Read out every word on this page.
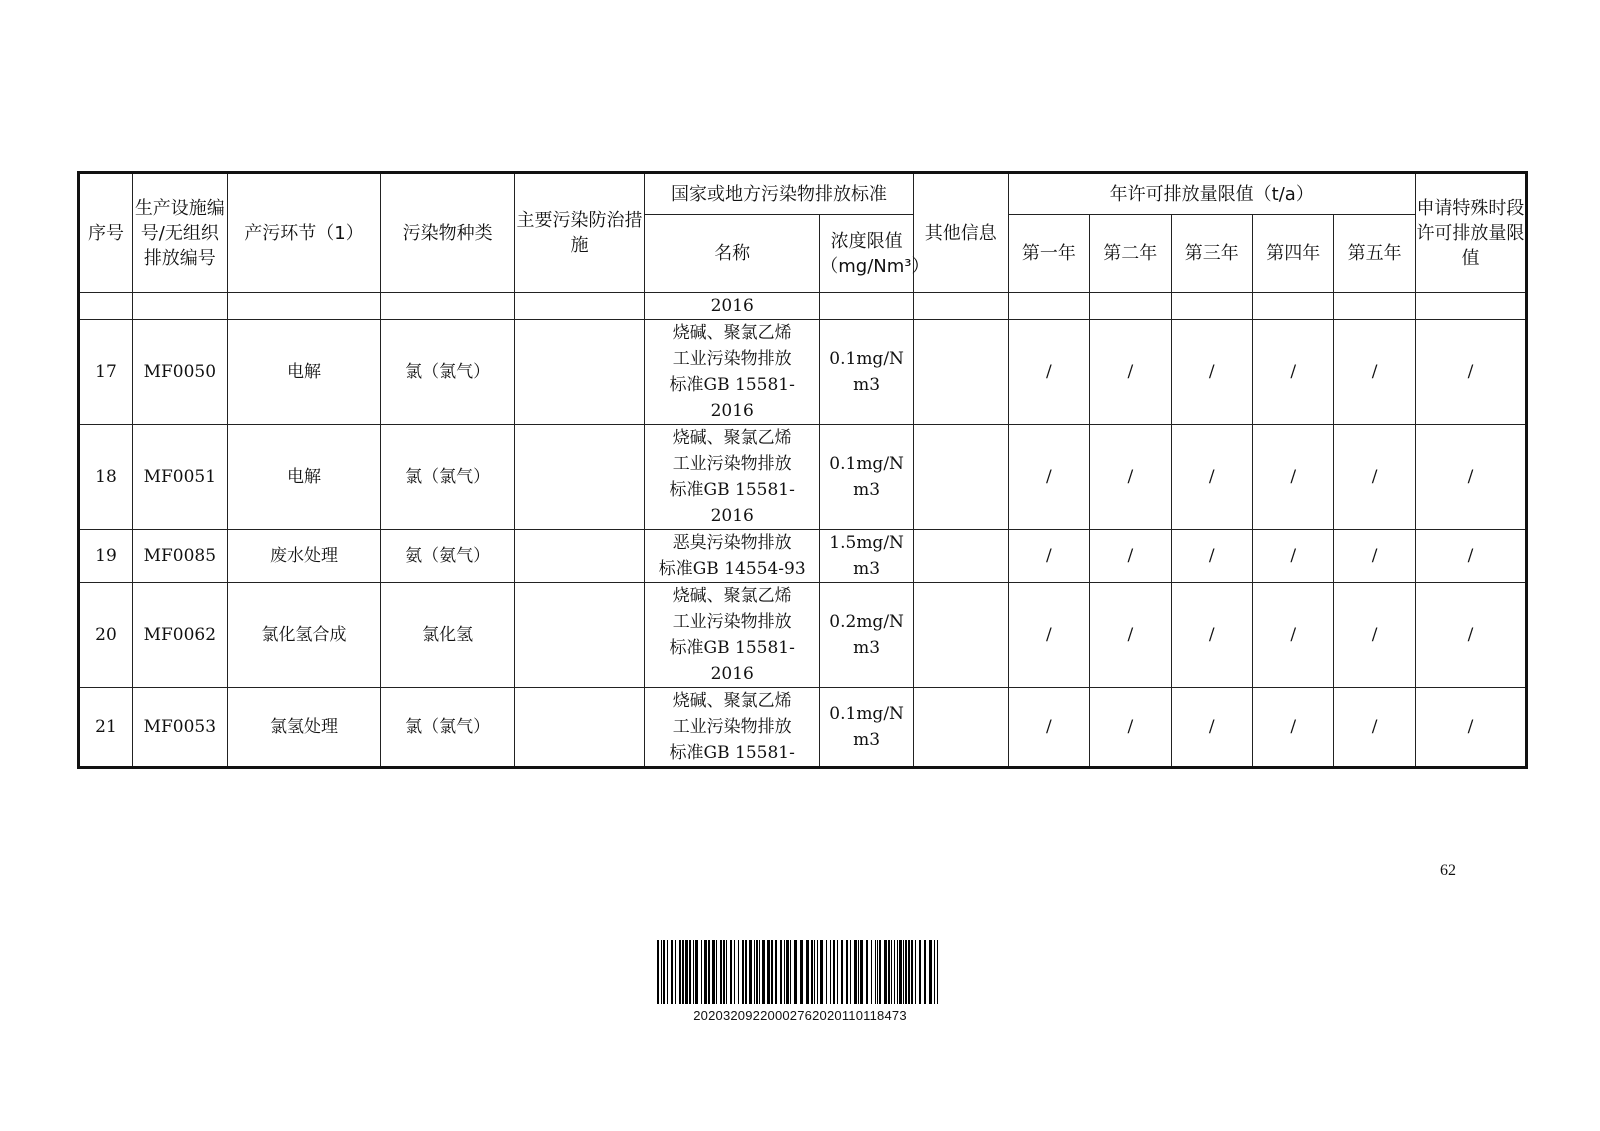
序号	生产设施编号/无组织排放编号	产污环节（1）	污染物种类	主要污染防治措施	国家或地方污染物排放标准		其他信息	年许可排放量限值（t/a）					申请特殊时段许可排放量限值
					名称	浓度限值（mg/Nm³）		第一年	第二年	第三年	第四年	第五年	
					2016								
17	MF0050	电解	氯（氯气）		烧碱、聚氯乙烯
工业污染物排放
标准GB 15581-
2016	0.1mg/Nm3		/	/	/	/	/	/
18	MF0051	电解	氯（氯气）		烧碱、聚氯乙烯
工业污染物排放
标准GB 15581-
2016	0.1mg/Nm3		/	/	/	/	/	/
19	MF0085	废水处理	氨（氨气）		恶臭污染物排放
标准GB 14554-93	1.5mg/Nm3		/	/	/	/	/	/
20	MF0062	氯化氢合成	氯化氢		烧碱、聚氯乙烯
工业污染物排放
标准GB 15581-
2016	0.2mg/Nm3		/	/	/	/	/	/
21	MF0053	氯氢处理	氯（氯气）		烧碱、聚氯乙烯
工业污染物排放
标准GB 15581-	0.1mg/Nm3		/	/	/	/	/	/
62
20203209220002762020110118473
